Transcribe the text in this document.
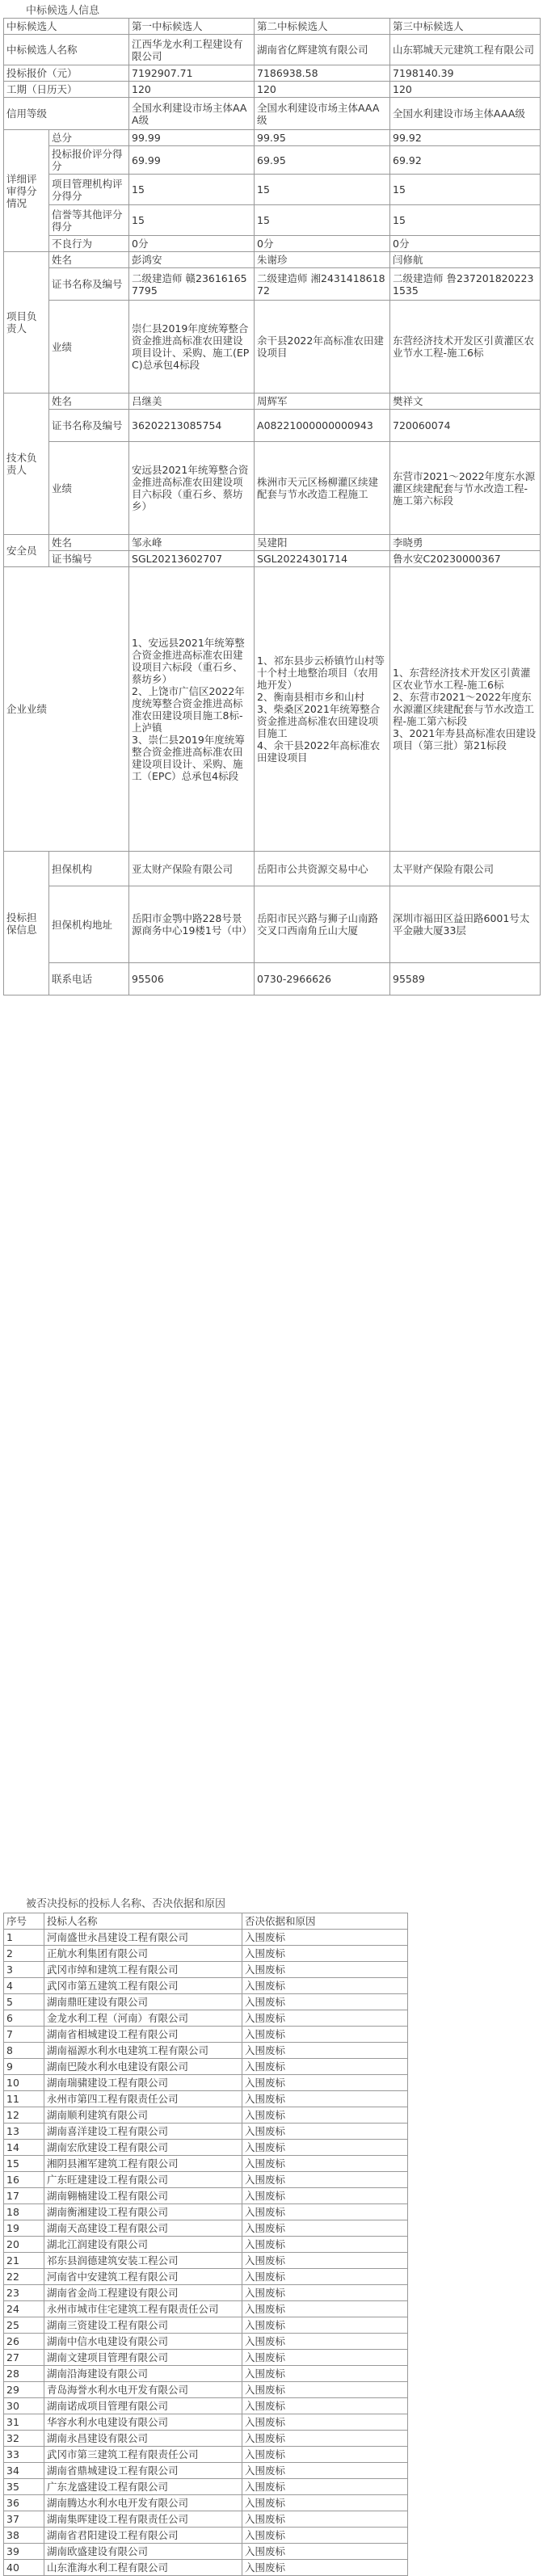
中标候选人信息
中标候选人		第一中标候选人	第二中标候选人	第三中标候选人
中标候选人名称		江西华龙水利工程建设有限公司	湖南省亿辉建筑有限公司	山东郓城天元建筑工程有限公司
投标报价（元）		7192907.71	7186938.58	7198140.39
工期（日历天）		120	120	120
信用等级		全国水利建设市场主体AAA级	全国水利建设市场主体AAA级	全国水利建设市场主体AAA级
详细评审得分情况	总分	99.99	99.95	99.92
	投标报价评分得分	69.99	69.95	69.92
	项目管理机构评分得分	15	15	15
	信誉等其他评分得分	15	15	15
	不良行为	0分	0分	0分
项目负责人	姓名	彭鸿安	朱谢珍	闫修航
	证书名称及编号	二级建造师 赣236161657795	二级建造师 湘243141861872	二级建造师 鲁2372018202231535
	业绩	崇仁县2019年度统筹整合资金推进高标准农田建设项目设计、采购、施工(EPC)总承包4标段	余干县2022年高标准农田建设项目	东营经济技术开发区引黄灌区农业节水工程-施工6标
技术负责人	姓名	吕继美	周辉军	樊祥文
	证书名称及编号	36202213085754	A08221000000000943	720060074
	业绩	安远县2021年统筹整合资金推进高标准农田建设项目六标段（重石乡、蔡坊乡）	株洲市天元区杨柳灌区续建配套与节水改造工程施工	东营市2021～2022年度东水源灌区续建配套与节水改造工程-施工第六标段
安全员	姓名	邹永峰	吴建阳	李晓勇
	证书编号	SGL20213602707	SGL20224301714	鲁水安C20230000367
企业业绩		1、安远县2021年统筹整合资金推进高标准农田建设项目六标段（重石乡、蔡坊乡）
2、上饶市广信区2022年度统筹整合资金推进高标准农田建设项目施工8标-上泸镇
3、崇仁县2019年度统筹整合资金推进高标准农田建设项目设计、采购、施工（EPC）总承包4标段	1、祁东县步云桥镇竹山村等十个村土地整治项目（农用地开发）
2、衡南县相市乡和山村
3、柴桑区2021年统筹整合资金推进高标准农田建设项目施工
4、余干县2022年高标准农田建设项目	1、东营经济技术开发区引黄灌区农业节水工程-施工6标
2、东营市2021～2022年度东水源灌区续建配套与节水改造工程-施工第六标段
3、2021年寿县高标准农田建设项目（第三批）第21标段
投标担保信息	担保机构	亚太财产保险有限公司	岳阳市公共资源交易中心	太平财产保险有限公司
	担保机构地址	岳阳市金鹗中路228号景源商务中心19楼1号（中）	岳阳市民兴路与狮子山南路交叉口西南角丘山大厦	深圳市福田区益田路6001号太平金融大厦33层
	联系电话	95506	0730-2966626	95589
被否决投标的投标人名称、否决依据和原因
序号	投标人名称	否决依据和原因
1	河南盛世永昌建设工程有限公司	入围废标
2	正航水利集团有限公司	入围废标
3	武冈市绰和建筑工程有限公司	入围废标
4	武冈市第五建筑工程有限公司	入围废标
5	湖南鼎旺建设有限公司	入围废标
6	金龙水利工程（河南）有限公司	入围废标
7	湖南省相城建设工程有限公司	入围废标
8	湖南福源水利水电建筑工程有限公司	入围废标
9	湖南巴陵水利水电建设有限公司	入围废标
10	湖南瑞骕建设工程有限公司	入围废标
11	永州市第四工程有限责任公司	入围废标
12	湖南顺利建筑有限公司	入围废标
13	湖南喜洋建设工程有限公司	入围废标
14	湖南宏欣建设工程有限公司	入围废标
15	湘阴县湘军建筑工程有限公司	入围废标
16	广东旺建建设工程有限公司	入围废标
17	湖南翱楠建设工程有限公司	入围废标
18	湖南衡湘建设工程有限公司	入围废标
19	湖南天高建设工程有限公司	入围废标
20	湖北江润建设有限公司	入围废标
21	祁东县润德建筑安装工程公司	入围废标
22	河南省中安建筑工程有限公司	入围废标
23	湖南省金尚工程建设有限公司	入围废标
24	永州市城市住宅建筑工程有限责任公司	入围废标
25	湖南三资建设工程有限公司	入围废标
26	湖南中信水电建设有限公司	入围废标
27	湖南文建项目管理有限公司	入围废标
28	湖南沿海建设有限公司	入围废标
29	青岛海誉水利水电开发有限公司	入围废标
30	湖南诺成项目管理有限公司	入围废标
31	华容水利水电建设有限公司	入围废标
32	湖南永昌建设有限公司	入围废标
33	武冈市第三建筑工程有限责任公司	入围废标
34	湖南省鼎城建设工程有限公司	入围废标
35	广东龙盛建设工程有限公司	入围废标
36	湖南腾达水利水电开发有限公司	入围废标
37	湖南集晖建设工程有限责任公司	入围废标
38	湖南省君阳建设工程有限公司	入围废标
39	湖南欧盛建设有限公司	入围废标
40	山东淮海水利工程有限公司	入围废标
